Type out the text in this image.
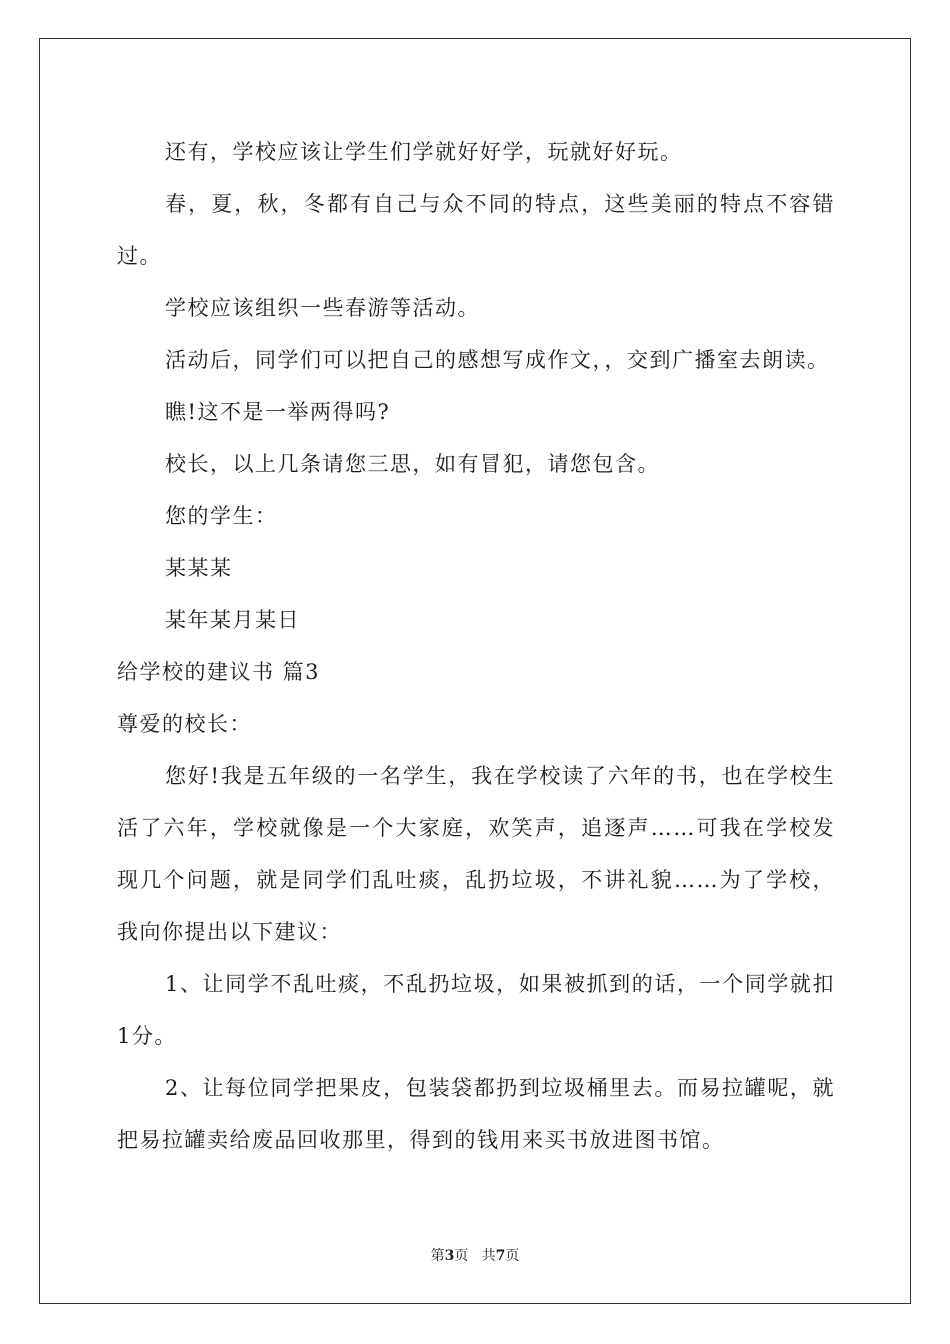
还有，学校应该让学生们学就好好学，玩就好好玩。

春，夏，秋，冬都有自己与众不同的特点，这些美丽的特点不容错过。

学校应该组织一些春游等活动。

活动后，同学们可以把自己的感想写成作文，，交到广播室去朗读。

瞧!这不是一举两得吗?

校长，以上几条请您三思，如有冒犯，请您包含。

您的学生：

某某某

某年某月某日

给学校的建议书 篇3

尊爱的校长：

您好!我是五年级的一名学生，我在学校读了六年的书，也在学校生活了六年，学校就像是一个大家庭，欢笑声，追逐声……可我在学校发现几个问题，就是同学们乱吐痰，乱扔垃圾，不讲礼貌……为了学校，我向你提出以下建议：

1、让同学不乱吐痰，不乱扔垃圾，如果被抓到的话，一个同学就扣1分。

2、让每位同学把果皮，包装袋都扔到垃圾桶里去。而易拉罐呢，就把易拉罐卖给废品回收那里，得到的钱用来买书放进图书馆。

第3页 共7页
